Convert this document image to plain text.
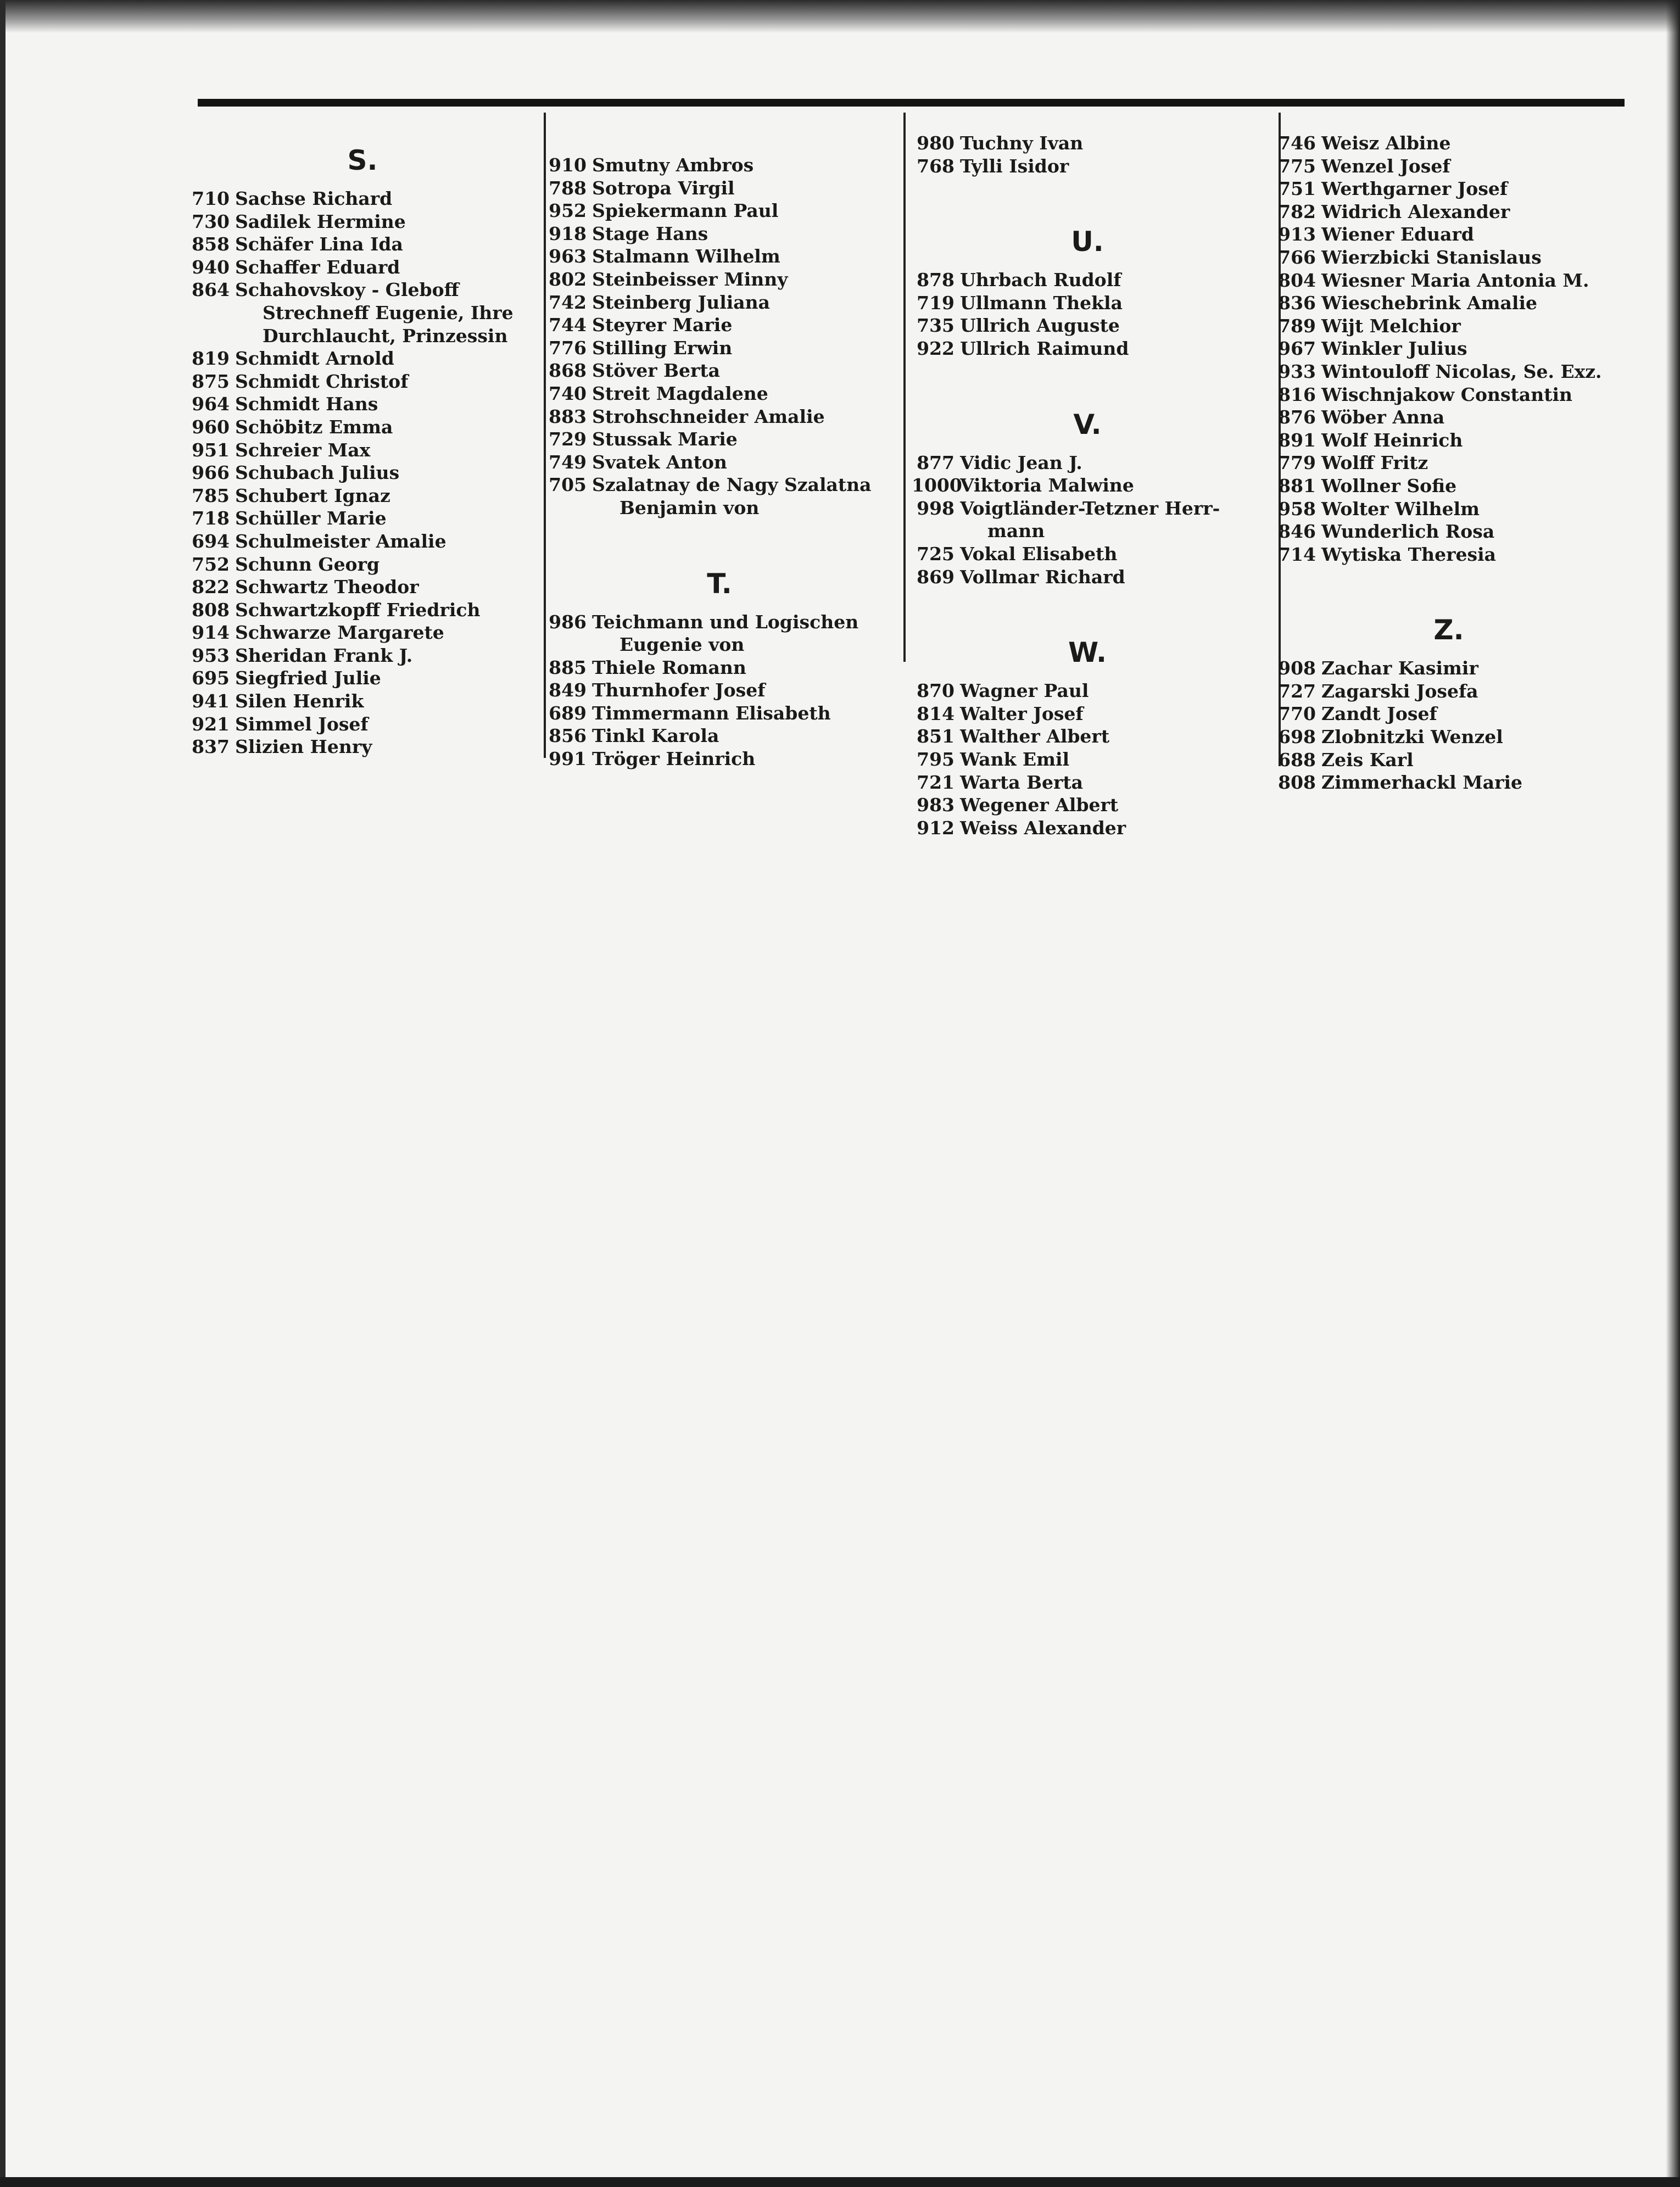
S.
710 Sachse Richard
730 Sadilek Hermine
858 Schäfer Lina Ida
940 Schaffer Eduard
864 Schahovskoy - Gleboff
Strechneff Eugenie, Ihre
Durchlaucht, Prinzessin
819 Schmidt Arnold
875 Schmidt Christof
964 Schmidt Hans
960 Schöbitz Emma
951 Schreier Max
966 Schubach Julius
785 Schubert Ignaz
718 Schüller Marie
694 Schulmeister Amalie
752 Schunn Georg
822 Schwartz Theodor
808 Schwartzkopff Friedrich
914 Schwarze Margarete
953 Sheridan Frank J.
695 Siegfried Julie
941 Silen Henrik
921 Simmel Josef
837 Slizien Henry
910 Smutny Ambros
788 Sotropa Virgil
952 Spiekermann Paul
918 Stage Hans
963 Stalmann Wilhelm
802 Steinbeisser Minny
742 Steinberg Juliana
744 Steyrer Marie
776 Stilling Erwin
868 Stöver Berta
740 Streit Magdalene
883 Strohschneider Amalie
729 Stussak Marie
749 Svatek Anton
705 Szalatnay de Nagy Szalatna
Benjamin von
T.
986 Teichmann und Logischen
Eugenie von
885 Thiele Romann
849 Thurnhofer Josef
689 Timmermann Elisabeth
856 Tinkl Karola
991 Tröger Heinrich
980 Tuchny Ivan
768 Tylli Isidor
U.
878 Uhrbach Rudolf
719 Ullmann Thekla
735 Ullrich Auguste
922 Ullrich Raimund
V.
877 Vidic Jean J.
1000
Viktoria Malwine
998 Voigtländer-Tetzner Herr-
mann
725 Vokal Elisabeth
869 Vollmar Richard
W.
870 Wagner Paul
814 Walter Josef
851 Walther Albert
795 Wank Emil
721 Warta Berta
983 Wegener Albert
912 Weiss Alexander
746 Weisz Albine
775 Wenzel Josef
751 Werthgarner Josef
782 Widrich Alexander
913 Wiener Eduard
766 Wierzbicki Stanislaus
804 Wiesner Maria Antonia M.
836 Wieschebrink Amalie
789 Wijt Melchior
967 Winkler Julius
933 Wintouloff Nicolas, Se. Exz.
816 Wischnjakow Constantin
876 Wöber Anna
891 Wolf Heinrich
779 Wolff Fritz
881 Wollner Sofie
958 Wolter Wilhelm
846 Wunderlich Rosa
714 Wytiska Theresia
Z.
908 Zachar Kasimir
727 Zagarski Josefa
770 Zandt Josef
698 Zlobnitzki Wenzel
688 Zeis Karl
808 Zimmerhackl Marie
